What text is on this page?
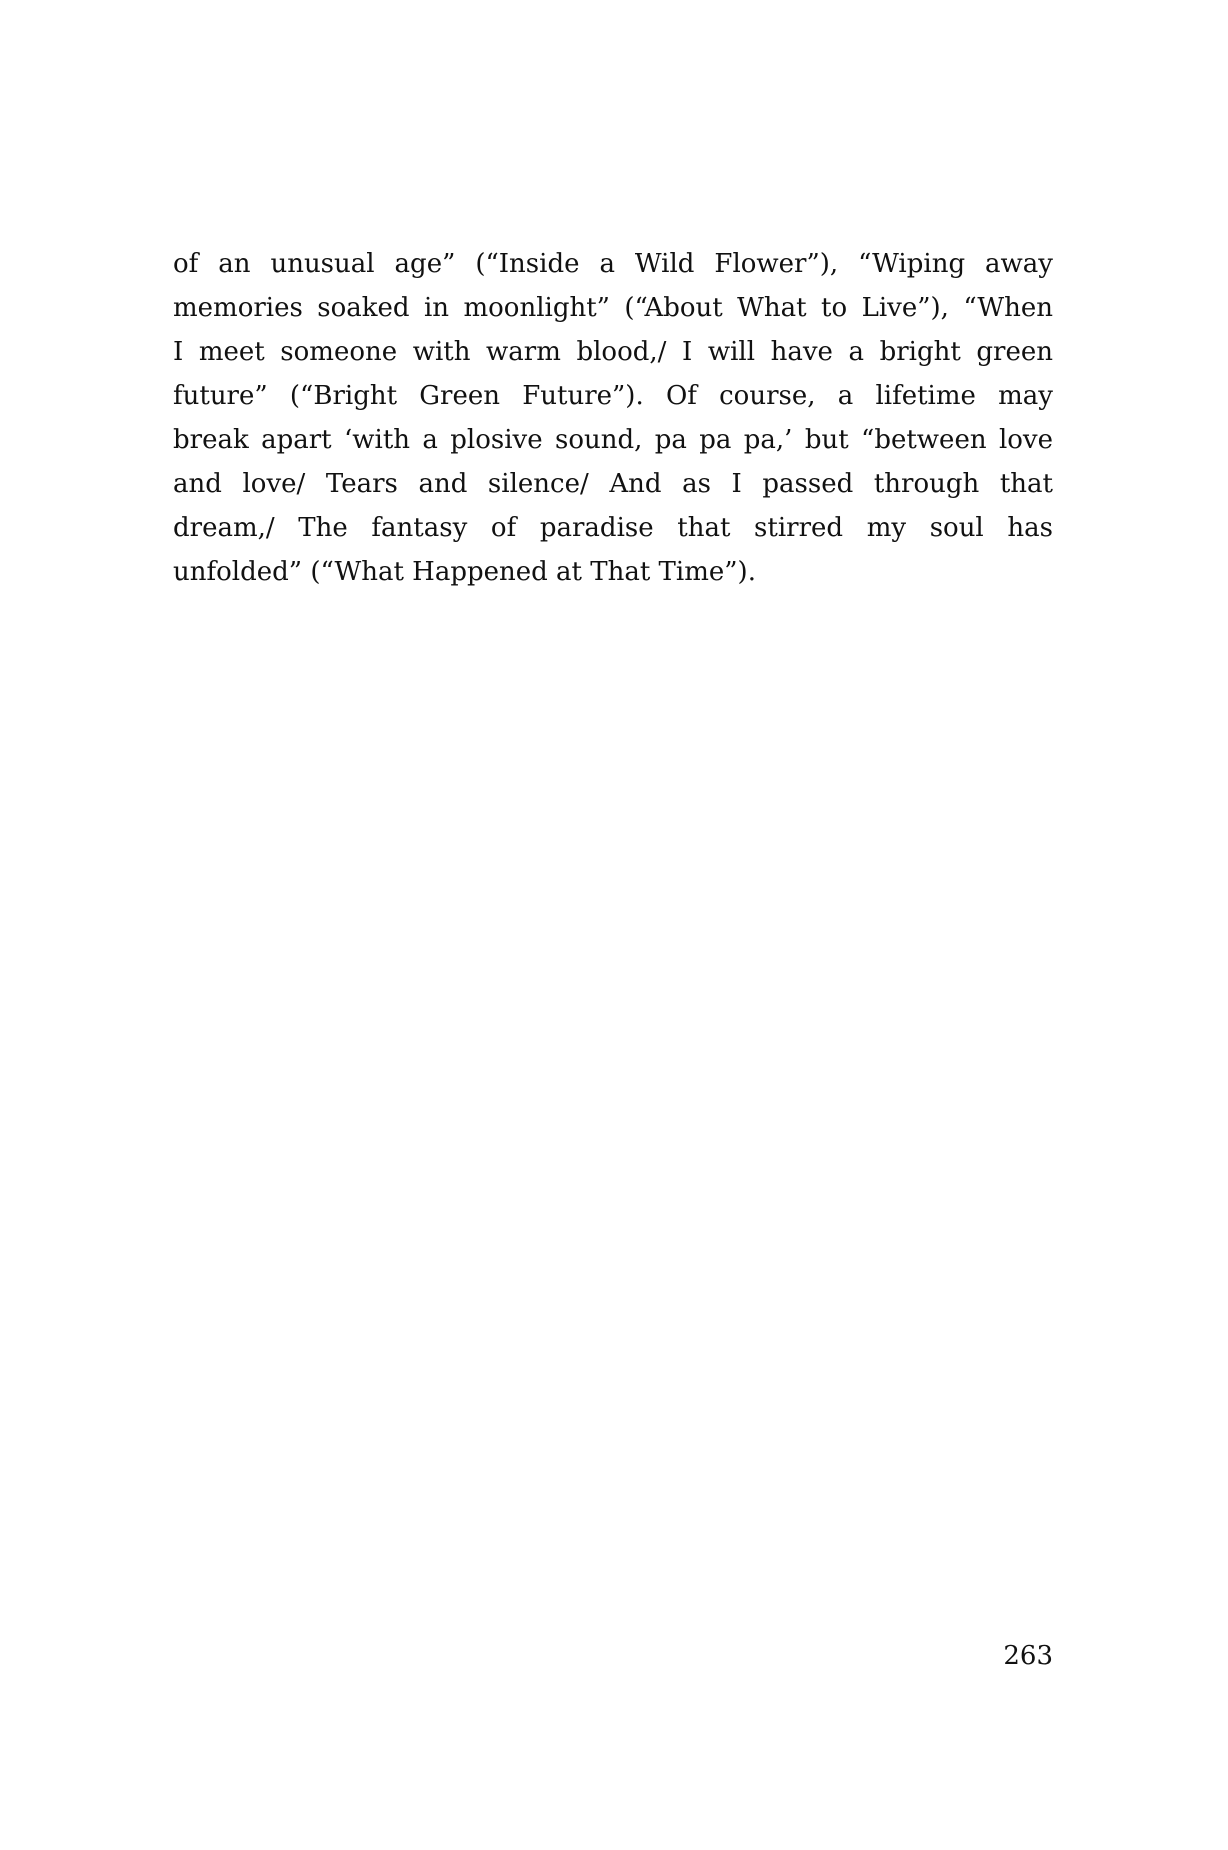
of an unusual age” (“Inside a Wild Flower”), “Wiping away
memories soaked in moonlight” (“About What to Live”), “When
I meet someone with warm blood,/ I will have a bright green
future” (“Bright Green Future”). Of course, a lifetime may
break apart ‘with a plosive sound, pa pa pa,’ but “between love
and love/ Tears and silence/ And as I passed through that
dream,/ The fantasy of paradise that stirred my soul has
unfolded” (“What Happened at That Time”).
263
